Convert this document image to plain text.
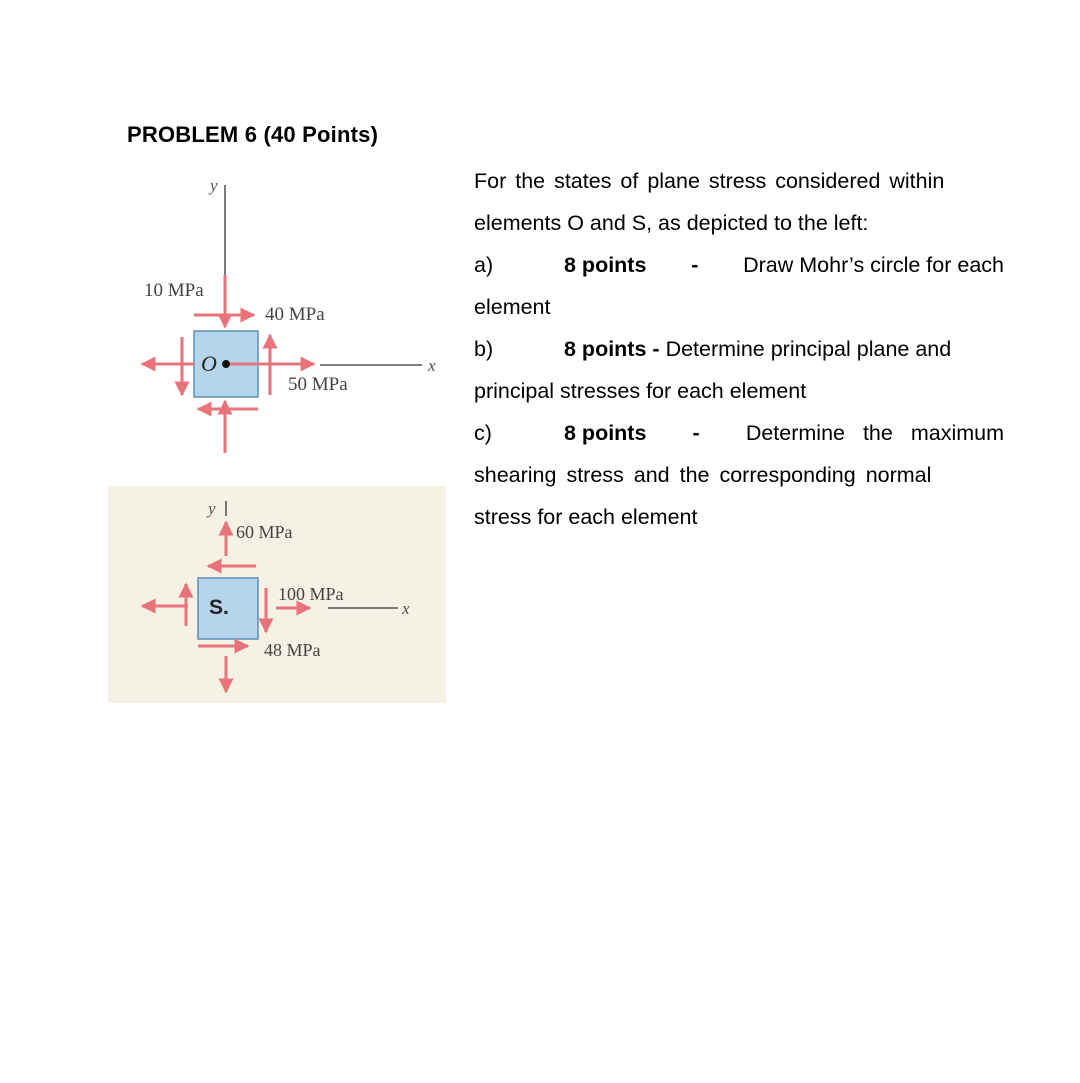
PROBLEM 6 (40 Points)
y
x
O
10 MPa
40 MPa
50 MPa
y
x
S.
60 MPa
100 MPa
48 MPa
For the states of plane stress considered within
elements O and S, as depicted to the left:
a)	8 points - Draw Mohr’s circle for each
element
b)	8 points - Determine principal plane and
principal stresses for each element
c)	8 points - Determine the maximum
shearing stress and the corresponding normal
stress for each element
